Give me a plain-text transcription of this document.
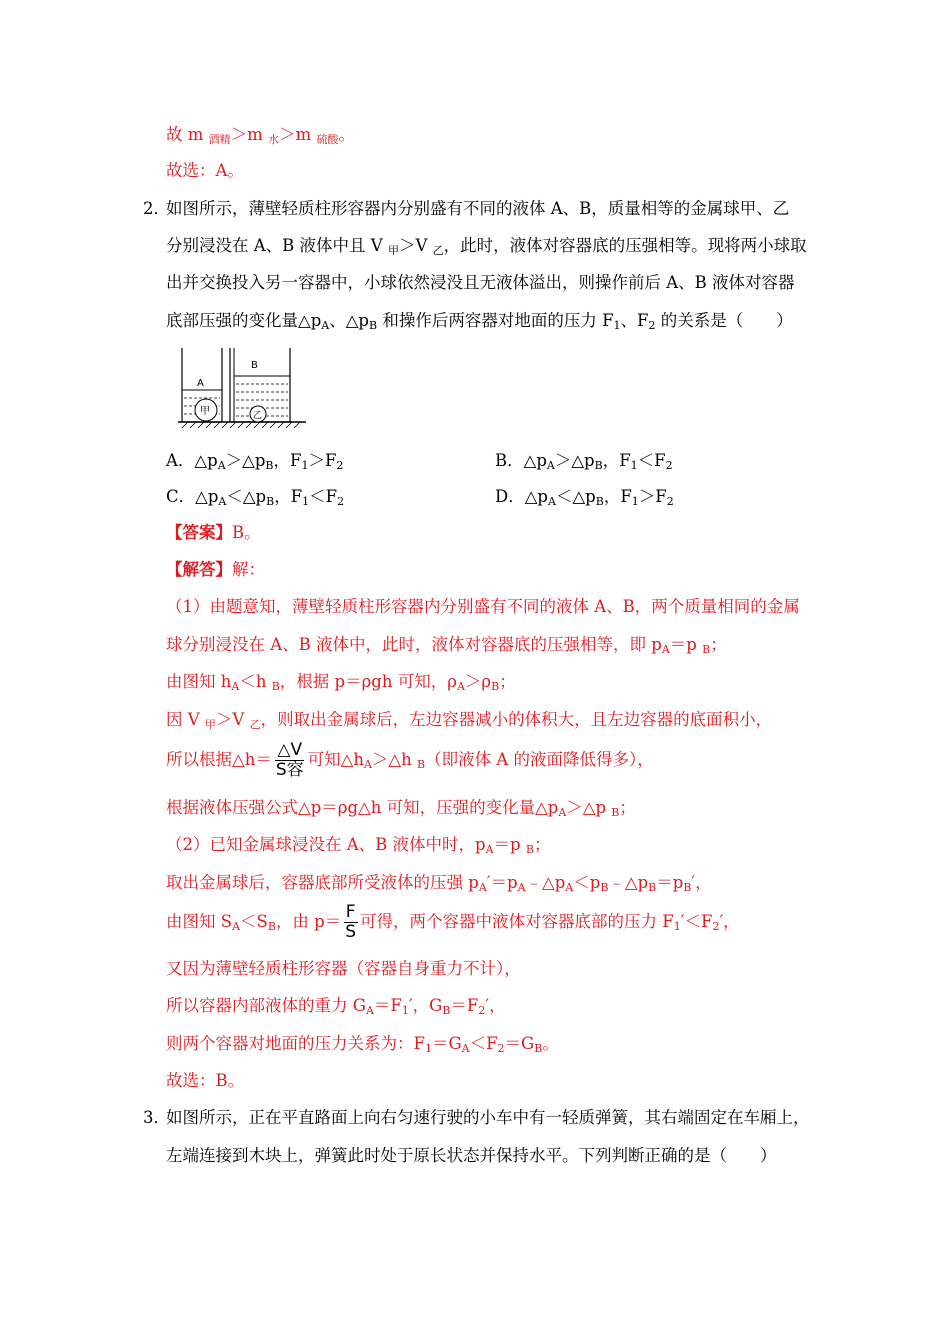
故 m $_{酒精}$＞m $_水$＞m $_{硫酸}$。
故选：A。
2．
如图所示，薄壁轻质柱形容器内分别盛有不同的液体 A、B，质量相等的金属球甲、乙
分别浸没在 A、B 液体中且 V $_甲$＞V $_乙$，此时，液体对容器底的压强相等。现将两小球取
出并交换投入另一容器中，小球依然浸没且无液体溢出，则操作前后 A、B 液体对容器
底部压强的变化量$\triangle p_A$、$\triangle p_B$ 和操作后两容器对地面的压力 $F_1$、$F_2$ 的关系是（　　）
A
甲
B
乙
A．$\triangle p_A>\triangle p_B$，$F_1>F_2$	B．$\triangle p_A>\triangle p_B$，$F_1<F_2$
C．$\triangle p_A<\triangle p_B$，$F_1<F_2$	D．$\triangle p_A<\triangle p_B$，$F_1>F_2$
【答案】B。
【解答】解：
（1）由题意知，薄壁轻质柱形容器内分别盛有不同的液体 A、B，两个质量相同的金属
球分别浸没在 A、B 液体中，此时，液体对容器底的压强相等，即 $p_A=p$ $_B$；
由图知 $h_A<h$ $_B$，根据 p＝ρgh 可知，$\rho_A>\rho_B$；
因 V $_甲$＞V $_乙$，则取出金属球后，左边容器减小的体积大，且左边容器的底面积小，
所以根据△h＝ $\frac{\triangle V}{\text{S容}}$ 可知$\triangle h_A>\triangle h$ $_B$（即液体 A 的液面降低得多），
根据液体压强公式△p＝ρg△h 可知，压强的变化量$\triangle p_A>\triangle p$ $_B$；
（2）已知金属球浸没在 A、B 液体中时，$p_A=p$ $_B$；
取出金属球后，容器底部所受液体的压强 $p_A'=p_A﹣\triangle p_A<p_B﹣\triangle p_B=p_B'$，
由图知 $S_A<S_B$，由 $p= \frac{F}{S}$ 可得，两个容器中液体对容器底部的压力 $F_1'<F_2'$，
又因为薄壁轻质柱形容器（容器自身重力不计），
所以容器内部液体的重力 $G_A=F_1'$，$G_B=F_2'$，
则两个容器对地面的压力关系为：$F_1=G_A<F_2=G_B$。
故选：B。
3．
如图所示，正在平直路面上向右匀速行驶的小车中有一轻质弹簧，其右端固定在车厢上，
左端连接到木块上，弹簧此时处于原长状态并保持水平。下列判断正确的是（　　）
